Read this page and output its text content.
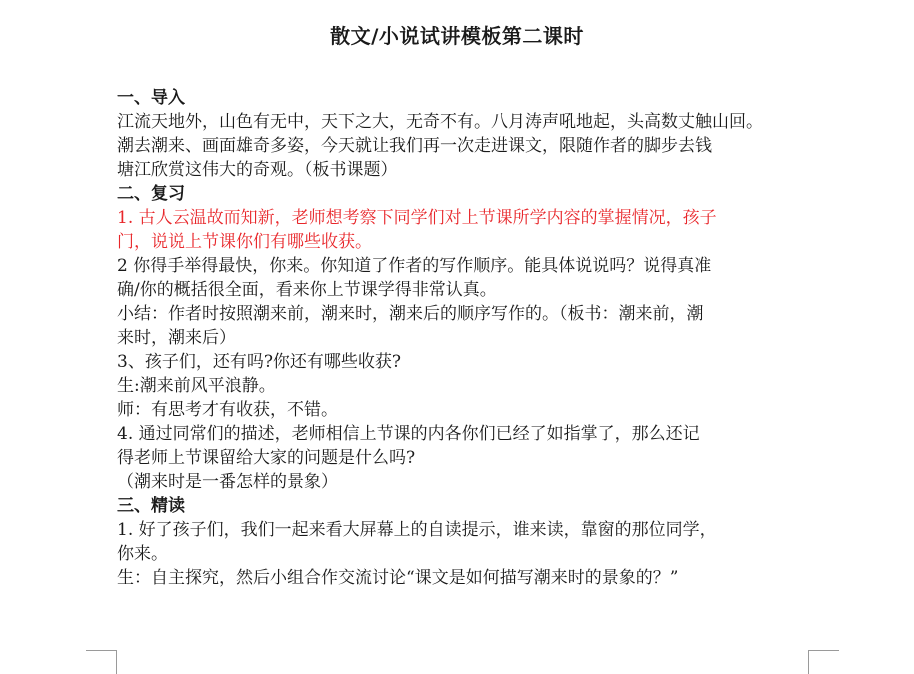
散文/小说试讲模板第二课时
一、导入
江流天地外，山色有无中，天下之大，无奇不有。八月涛声吼地起，头高数丈触山回。
潮去潮来、画面雄奇多姿，今天就让我们再一次走进课文，限随作者的脚步去钱
塘江欣赏这伟大的奇观。（板书课题）
二、复习
1. 古人云温故而知新，老师想考察下同学们对上节课所学内容的掌握情况，孩子
门，说说上节课你们有哪些收获。
2 你得手举得最快，你来。你知道了作者的写作顺序。能具体说说吗？说得真准
确/你的概括很全面，看来你上节课学得非常认真。
小结：作者时按照潮来前，潮来时，潮来后的顺序写作的。（板书：潮来前，潮
来时，潮来后）
3、孩子们，还有吗?你还有哪些收获?
生:潮来前风平浪静。
师：有思考才有收获，不错。
4. 通过同常们的描述，老师相信上节课的内各你们已经了如指掌了，那么还记
得老师上节课留给大家的问题是什么吗?
（潮来时是一番怎样的景象）
三、精读
1. 好了孩子们，我们一起来看大屏幕上的自读提示，谁来读，靠窗的那位同学，
你来。
生：自主探究，然后小组合作交流讨论“课文是如何描写潮来时的景象的？”
